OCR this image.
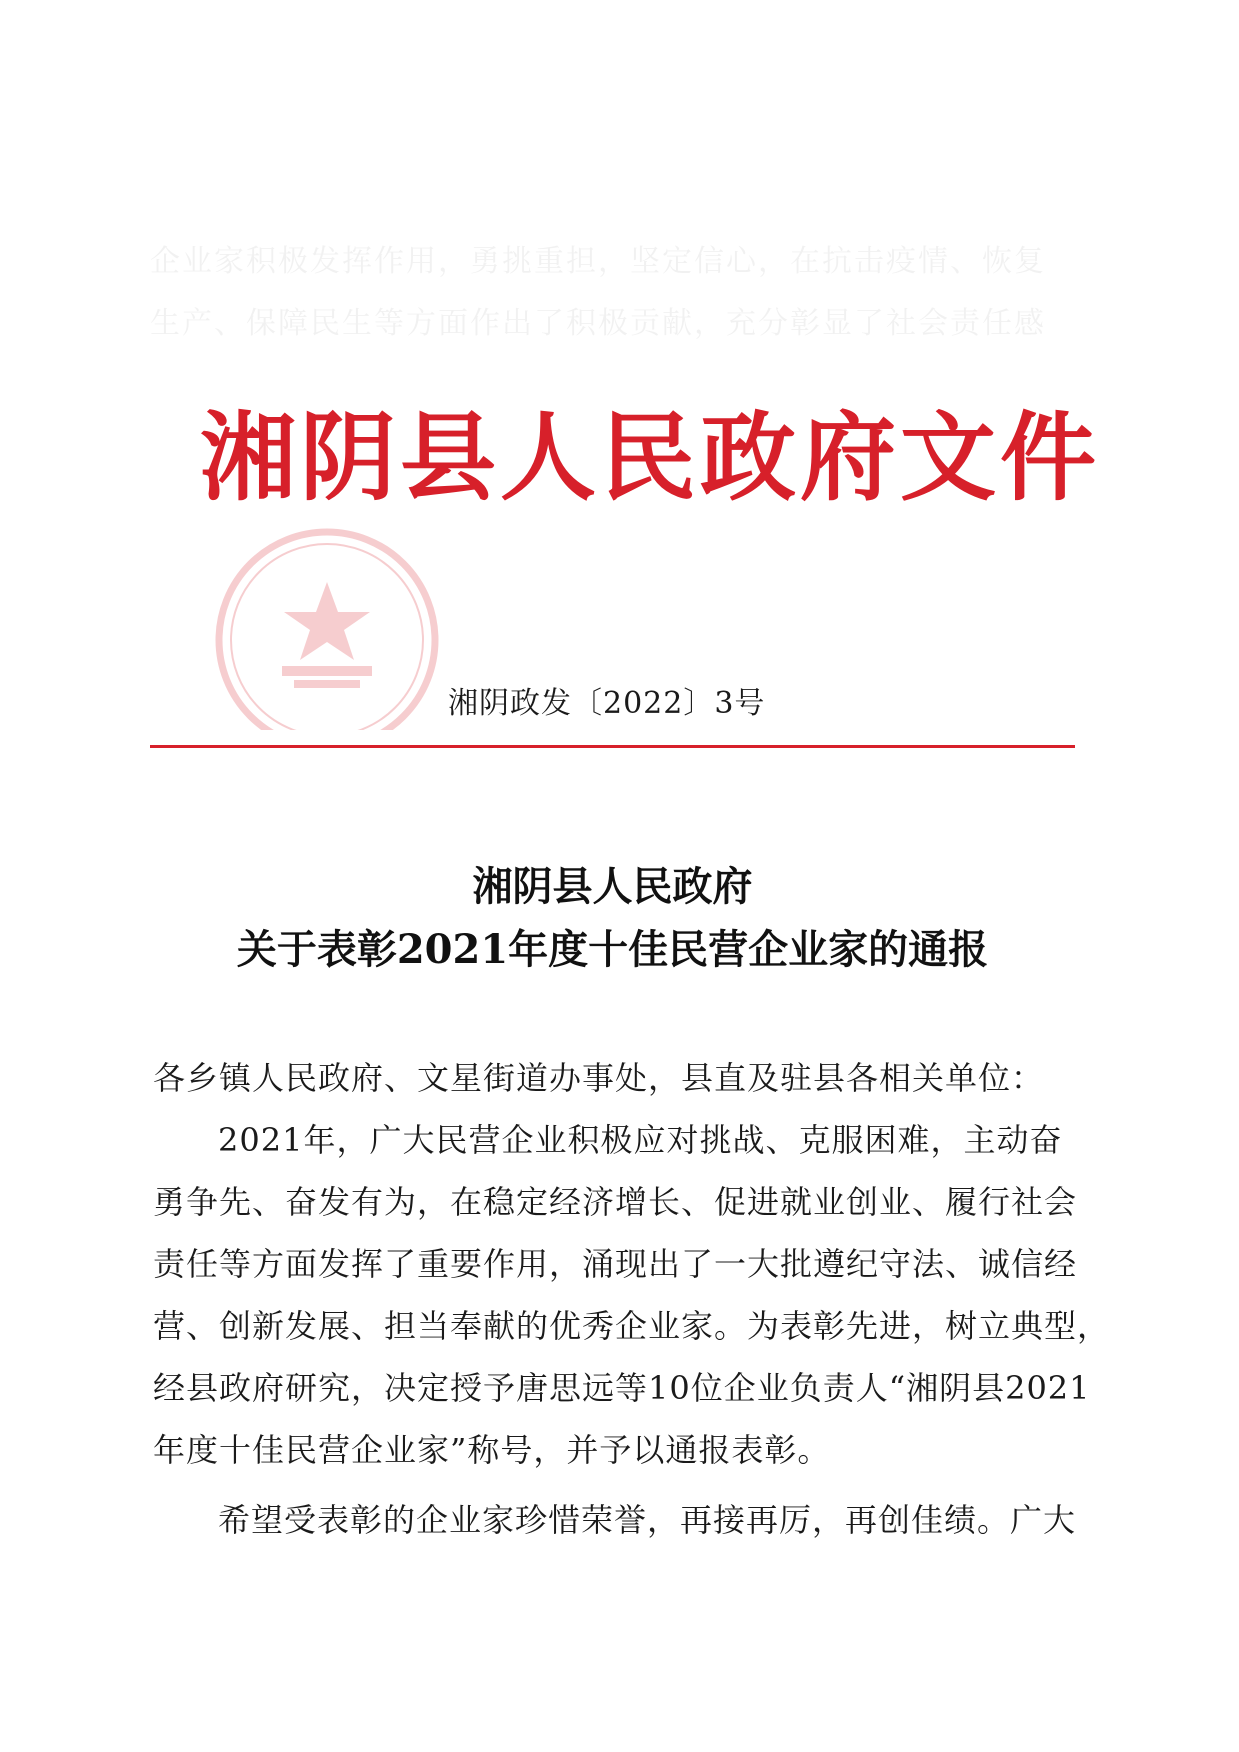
企业家积极发挥作用，勇挑重担，坚定信心，在抗击疫情、恢复
生产、保障民生等方面作出了积极贡献，充分彰显了社会责任感
湘阴县人民政府文件
湘阴政发〔2022〕3号
湘阴县人民政府
关于表彰2021年度十佳民营企业家的通报
各乡镇人民政府、文星街道办事处，县直及驻县各相关单位：
2021年，广大民营企业积极应对挑战、克服困难，主动奋
勇争先、奋发有为，在稳定经济增长、促进就业创业、履行社会
责任等方面发挥了重要作用，涌现出了一大批遵纪守法、诚信经
营、创新发展、担当奉献的优秀企业家。为表彰先进，树立典型，
经县政府研究，决定授予唐思远等10位企业负责人“湘阴县2021
年度十佳民营企业家”称号，并予以通报表彰。
希望受表彰的企业家珍惜荣誉，再接再厉，再创佳绩。广大
